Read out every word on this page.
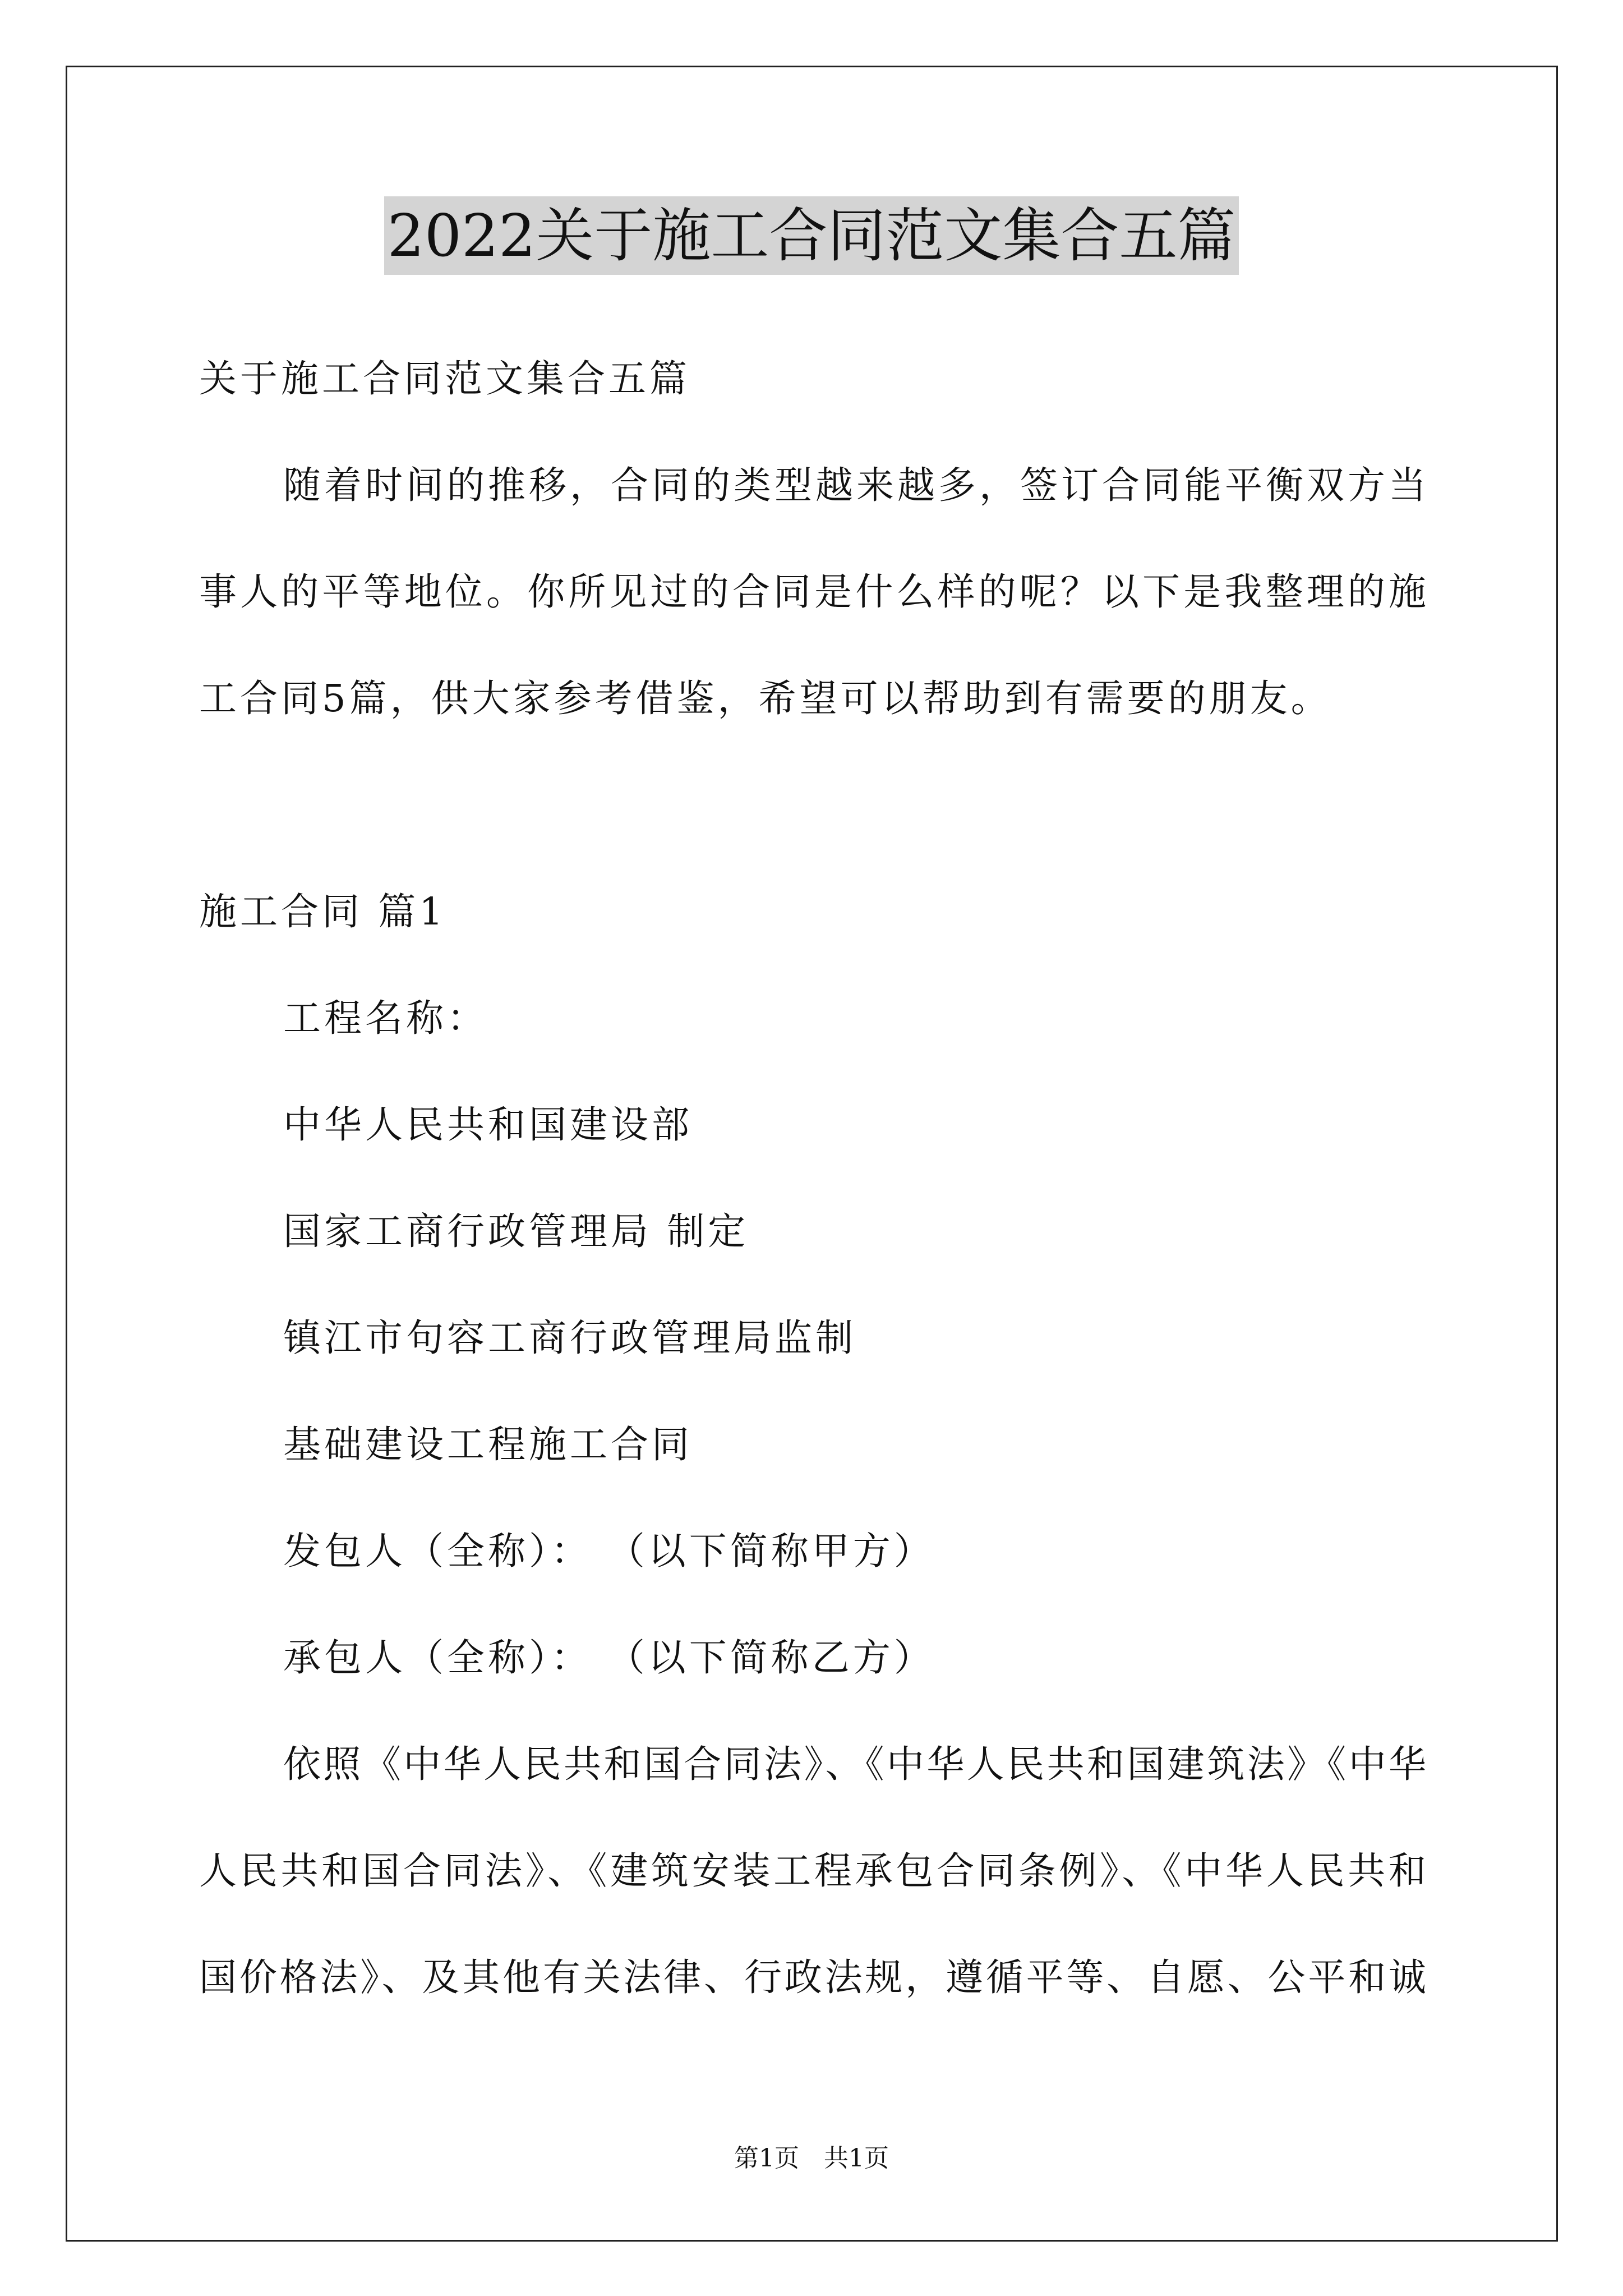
2022关于施工合同范文集合五篇
关于施工合同范文集合五篇
随着时间的推移，合同的类型越来越多，签订合同能平衡双方当
事人的平等地位。你所见过的合同是什么样的呢？以下是我整理的施
工合同5篇，供大家参考借鉴，希望可以帮助到有需要的朋友。
施工合同 篇1
工程名称：
中华人民共和国建设部
国家工商行政管理局 制定
镇江市句容工商行政管理局监制
基础建设工程施工合同
发包人（全称）： （以下简称甲方）
承包人（全称）： （以下简称乙方）
依照《中华人民共和国合同法》、《中华人民共和国建筑法》《中华
人民共和国合同法》、《建筑安装工程承包合同条例》、《中华人民共和
国价格法》、及其他有关法律、行政法规，遵循平等、自愿、公平和诚
第1页　共1页
